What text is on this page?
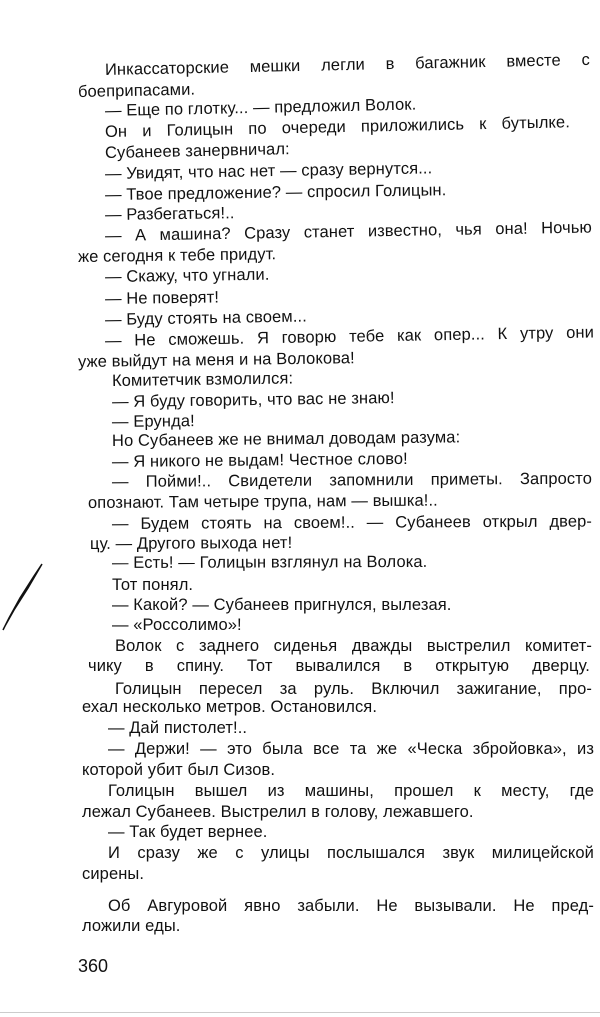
Инкассаторские мешки легли в багажник вместе с
боеприпасами.
— Еще по глотку... — предложил Волок.
Он и Голицын по очереди приложились к бутылке.
Субанеев занервничал:
— Увидят, что нас нет — сразу вернутся...
— Твое предложение? — спросил Голицын.
— Разбегаться!..
— А машина? Сразу станет известно, чья она! Ночью
же сегодня к тебе придут.
— Скажу, что угнали.
— Не поверят!
— Буду стоять на своем...
— Не сможешь. Я говорю тебе как опер... К утру они
уже выйдут на меня и на Волокова!
Комитетчик взмолился:
— Я буду говорить, что вас не знаю!
— Ерунда!
Но Субанеев же не внимал доводам разума:
— Я никого не выдам! Честное слово!
— Пойми!.. Свидетели запомнили приметы. Запросто
опознают. Там четыре трупа, нам — вышка!..
— Будем стоять на своем!.. — Субанеев открыл двер-
цу. — Другого выхода нет!
— Есть! — Голицын взглянул на Волока.
Тот понял.
— Какой? — Субанеев пригнулся, вылезая.
— «Россолимо»!
Волок с заднего сиденья дважды выстрелил комитет-
чику в спину. Тот вывалился в открытую дверцу.
Голицын пересел за руль. Включил зажигание, про-
ехал несколько метров. Остановился.
— Дай пистолет!..
— Держи! — это была все та же «Ческа збройовка», из
которой убит был Сизов.
Голицын вышел из машины, прошел к месту, где
лежал Субанеев. Выстрелил в голову, лежавшего.
— Так будет вернее.
И сразу же с улицы послышался звук милицейской
сирены.
Об Авгуровой явно забыли. Не вызывали. Не пред-
ложили еды.
360
